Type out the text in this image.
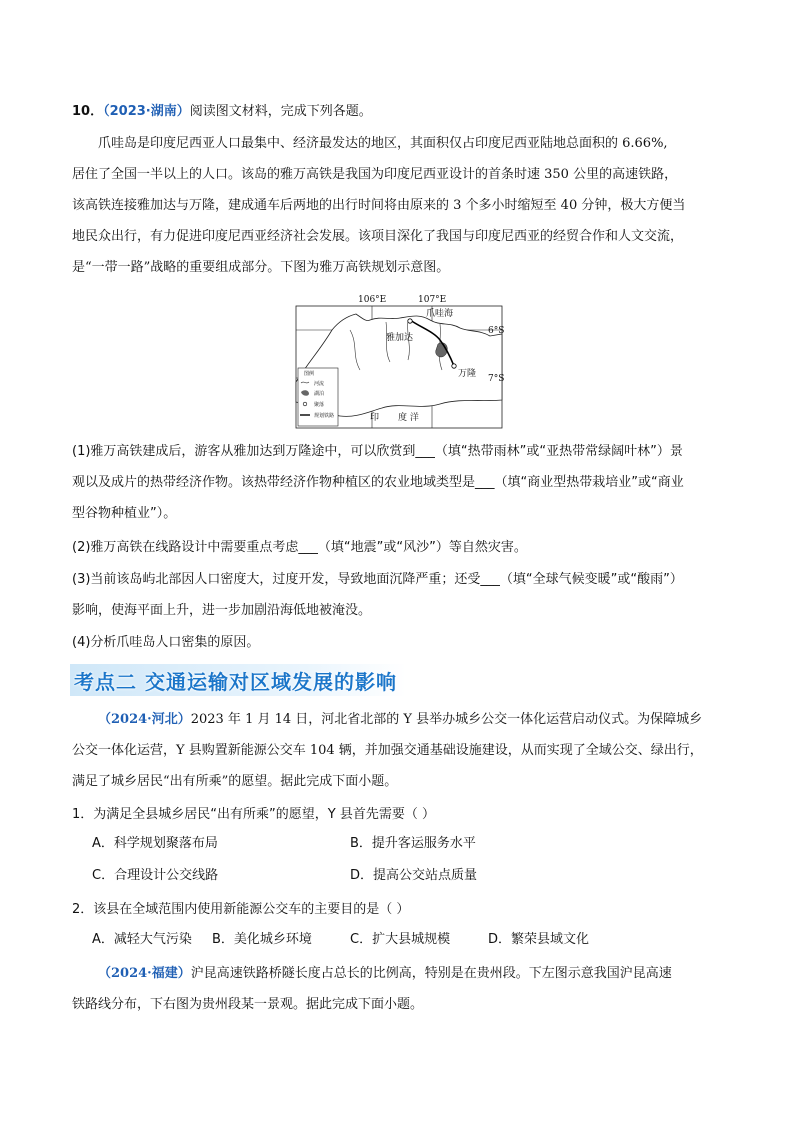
10．（2023·湖南）阅读图文材料，完成下列各题。

爪哇岛是印度尼西亚人口最集中、经济最发达的地区，其面积仅占印度尼西亚陆地总面积的 6.66%,

居住了全国一半以上的人口。该岛的雅万高铁是我国为印度尼西亚设计的首条时速 350 公里的高速铁路，

该高铁连接雅加达与万隆，建成通车后两地的出行时间将由原来的 3 个多小时缩短至 40 分钟，极大方便当

地民众出行，有力促进印度尼西亚经济社会发展。该项目深化了我国与印度尼西亚的经贸合作和人文交流，

是“一带一路”战略的重要组成部分。下图为雅万高铁规划示意图。

106°E	107°E
6°S
7°S
爪哇海
雅加达
万隆
印 度 洋
图例
河流
湖泊
聚落
规划铁路

(1)雅万高铁建成后，游客从雅加达到万隆途中，可以欣赏到___（填“热带雨林”或“亚热带常绿阔叶林”）景

观以及成片的热带经济作物。该热带经济作物种植区的农业地域类型是___（填“商业型热带栽培业”或“商业

型谷物种植业”）。

(2)雅万高铁在线路设计中需要重点考虑___（填“地震”或“风沙”）等自然灾害。

(3)当前该岛屿北部因人口密度大，过度开发，导致地面沉降严重；还受___（填“全球气候变暖”或“酸雨”）

影响，使海平面上升，进一步加剧沿海低地被淹没。

(4)分析爪哇岛人口密集的原因。

考点二 交通运输对区域发展的影响

（2024·河北）2023 年 1 月 14 日，河北省北部的 Y 县举办城乡公交一体化运营启动仪式。为保障城乡

公交一体化运营，Y 县购置新能源公交车 104 辆，并加强交通基础设施建设，从而实现了全域公交、绿出行，

满足了城乡居民“出有所乘”的愿望。据此完成下面小题。

1．为满足全县城乡居民“出有所乘”的愿望，Y 县首先需要（ ）

A．科学规划聚落布局	B．提升客运服务水平
C．合理设计公交线路	D．提高公交站点质量

2．该县在全域范围内使用新能源公交车的主要目的是（ ）

A．减轻大气污染 B．美化城乡环境	C．扩大县城规模	D．繁荣县域文化

（2024·福建）沪昆高速铁路桥隧长度占总长的比例高，特别是在贵州段。下左图示意我国沪昆高速

铁路线分布，下右图为贵州段某一景观。据此完成下面小题。
